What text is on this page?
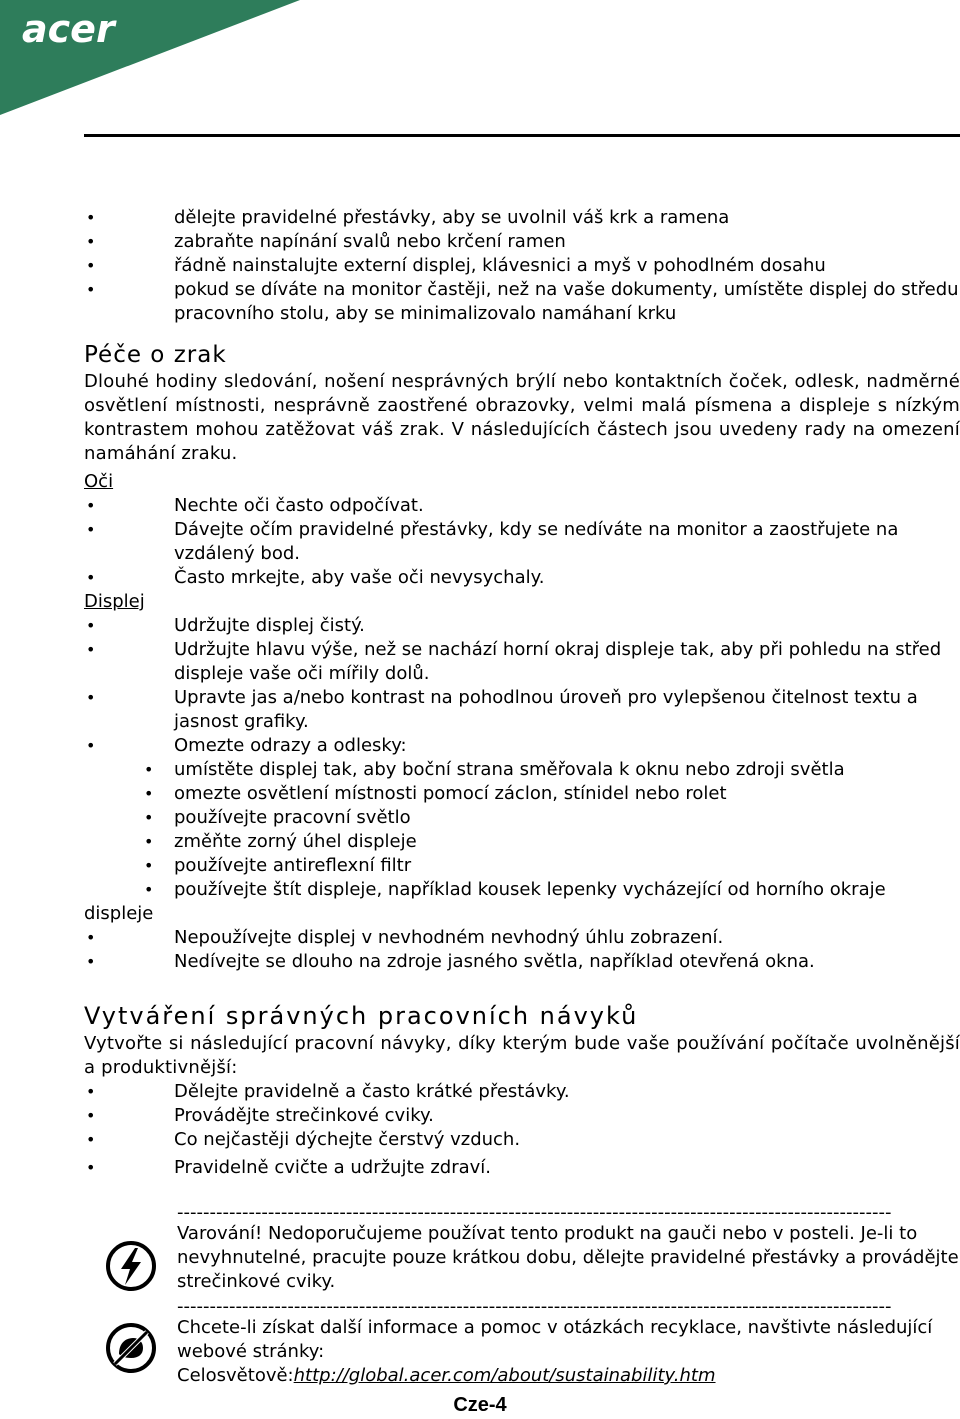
acer
•	dělejte pravidelné přestávky, aby se uvolnil váš krk a ramena
•	zabraňte napínání svalů nebo krčení ramen
•	řádně nainstalujte externí displej, klávesnici a myš v pohodlném dosahu
•	pokud se díváte na monitor častěji, než na vaše dokumenty, umístěte displej do středu pracovního stolu, aby se minimalizovalo namáhaní krku
Péče o zrak
Dlouhé hodiny sledování, nošení nesprávných brýlí nebo kontaktních čoček, odlesk, nadměrné osvětlení místnosti, nesprávně zaostřené obrazovky, velmi malá písmena a displeje s nízkým kontrastem mohou zatěžovat váš zrak. V následujících částech jsou uvedeny rady na omezení namáhání zraku.
Oči
•	Nechte oči často odpočívat.
•	Dávejte očím pravidelné přestávky, kdy se nedíváte na monitor a zaostřujete na vzdálený bod.
•	Často mrkejte, aby vaše oči nevysychaly.
Displej
•	Udržujte displej čistý.
•	Udržujte hlavu výše, než se nachází horní okraj displeje tak, aby při pohledu na střed displeje vaše oči mířily dolů.
•	Upravte jas a/nebo kontrast na pohodlnou úroveň pro vylepšenou čitelnost textu a jasnost grafiky.
•	Omezte odrazy a odlesky:
• umístěte displej tak, aby boční strana směřovala k oknu nebo zdroji světla
• omezte osvětlení místnosti pomocí záclon, stínidel nebo rolet
• používejte pracovní světlo
• změňte zorný úhel displeje
• používejte antireflexní filtr
• používejte štít displeje, například kousek lepenky vycházející od horního okraje
displeje
•	Nepoužívejte displej v nevhodném nevhodný úhlu zobrazení.
•	Nedívejte se dlouho na zdroje jasného světla, například otevřená okna.
Vytváření správných pracovních návyků
Vytvořte si následující pracovní návyky, díky kterým bude vaše používání počítače uvolněnější a produktivnější:
•	Dělejte pravidelně a často krátké přestávky.
•	Provádějte strečinkové cviky.
•	Co nejčastěji dýchejte čerstvý vzduch.
•	Pravidelně cvičte a udržujte zdraví.
--------------------------------------------------------------------------------------------------------------
Varování! Nedoporučujeme používat tento produkt na gauči nebo v posteli. Je-li to nevyhnutelné, pracujte pouze krátkou dobu, dělejte pravidelné přestávky a provádějte strečinkové cviky.
--------------------------------------------------------------------------------------------------------------
Chcete-li získat další informace a pomoc v otázkách recyklace, navštivte následující webové stránky:
Celosvětově:http://global.acer.com/about/sustainability.htm
Cze-4
